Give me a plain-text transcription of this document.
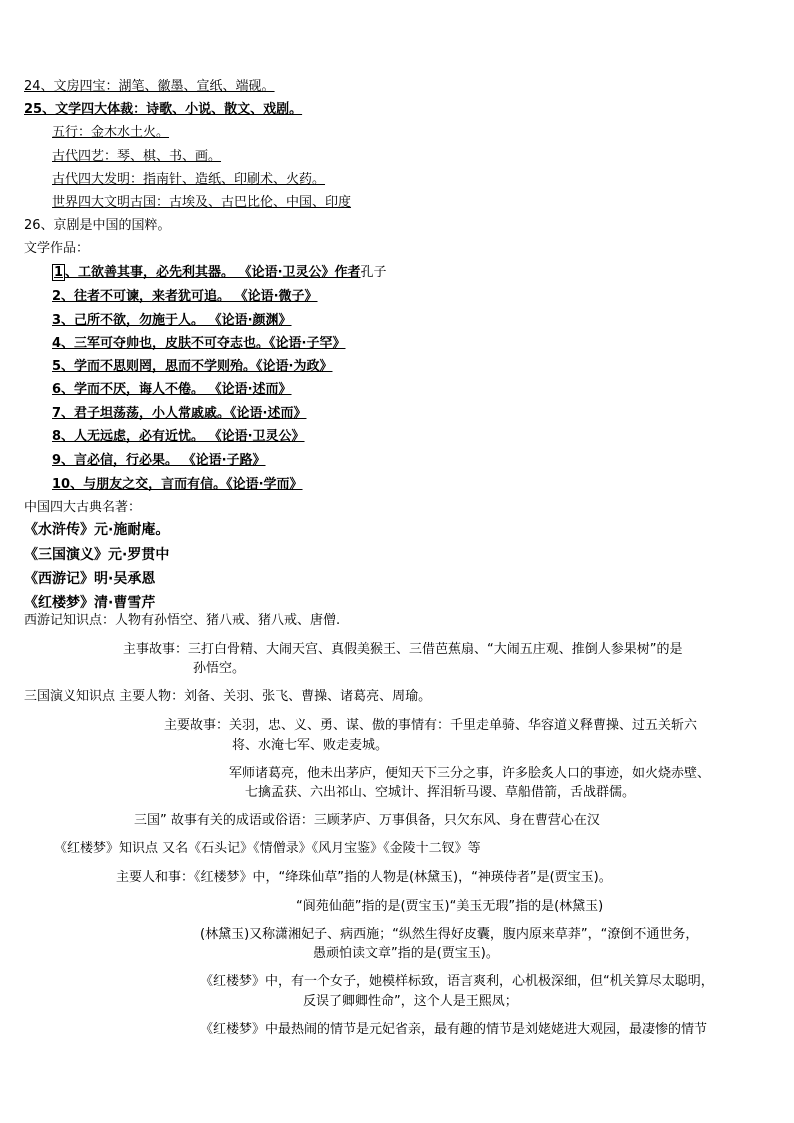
24、文房四宝：湖笔、徽墨、宣纸、端砚。
25、文学四大体裁：诗歌、小说、散文、戏剧。
五行：金木水土火。
古代四艺：琴、棋、书、画。
古代四大发明：指南针、造纸、印刷术、火药。
世界四大文明古国：古埃及、古巴比伦、中国、印度
26、京剧是中国的国粹。
文学作品：
1 、工欲善其事，必先利其器。 《论语·卫灵公》作者孔子
2、往者不可谏，来者犹可追。 《论语·微子》
3、己所不欲，勿施于人。 《论语·颜渊》
4、三军可夺帅也，皮肤不可夺志也。《论语·子罕》
5、学而不思则罔，思而不学则殆。《论语·为政》
6、学而不厌，诲人不倦。 《论语·述而》
7、君子坦荡荡，小人常戚戚。《论语·述而》
8、人无远虑，必有近忧。 《论语·卫灵公》
9、言必信，行必果。 《论语·子路》
10、与朋友之交，言而有信。《论语·学而》
中国四大古典名著：
《水浒传》元·施耐庵。
《三国演义》元·罗贯中
《西游记》明·吴承恩
《红楼梦》清·曹雪芹
西游记知识点：人物有孙悟空、猪八戒、猪八戒、唐僧.
主事故事：三打白骨精、大闹天宫、真假美猴王、三借芭蕉扇、“大闹五庄观、推倒人参果树”的是
孙悟空。
三国演义知识点 主要人物：刘备、关羽、张飞、曹操、诸葛亮、周瑜。
主要故事：关羽，忠、义、勇、谋、傲的事情有：千里走单骑、华容道义释曹操、过五关斩六
将、水淹七军、败走麦城。
军师诸葛亮，他未出茅庐，便知天下三分之事，许多脍炙人口的事迹，如火烧赤壁、
七擒孟获、六出祁山、空城计、挥泪斩马谡、草船借箭，舌战群儒。
三国” 故事有关的成语或俗语：三顾茅庐、万事俱备，只欠东风、身在曹营心在汉
《红楼梦》知识点 又名《石头记》《情僧录》《风月宝鉴》《金陵十二钗》等
主要人和事：《红楼梦》中，“绛珠仙草”指的人物是(林黛玉)，“神瑛侍者”是(贾宝玉)。
“阆苑仙葩”指的是(贾宝玉)“美玉无瑕”指的是(林黛玉)
(林黛玉)又称潇湘妃子、病西施；“纵然生得好皮囊，腹内原来草莽”，“潦倒不通世务，
愚顽怕读文章”指的是(贾宝玉)。
《红楼梦》中，有一个女子，她模样标致，语言爽利，心机极深细，但“机关算尽太聪明，
反误了卿卿性命”，这个人是王熙凤；
《红楼梦》中最热闹的情节是元妃省亲，最有趣的情节是刘姥姥进大观园，最凄惨的情节
